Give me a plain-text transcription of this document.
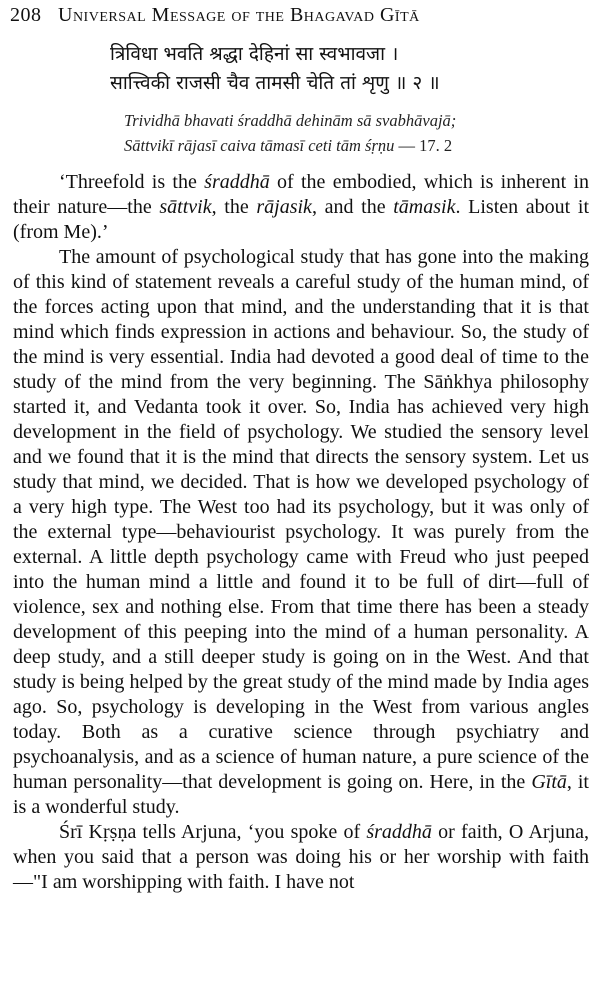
208 Universal Message of the Bhagavad Gītā
त्रिविधा भवति श्रद्धा देहिनां सा स्वभावजा ।
सात्त्विकी राजसी चैव तामसी चेति तां शृणु ॥ २ ॥
Trividhā bhavati śraddhā dehinām sā svabhāvajā;
Sāttvikī rājasī caiva tāmasī ceti tām śṛṇu — 17. 2

‘Threefold is the śraddhā of the embodied, which is inherent in their nature—the sāttvik, the rājasik, and the tāmasik. Listen about it (from Me).’

The amount of psychological study that has gone into the making of this kind of statement reveals a careful study of the human mind, of the forces acting upon that mind, and the understanding that it is that mind which finds expression in actions and behaviour. So, the study of the mind is very essential. India had devoted a good deal of time to the study of the mind from the very beginning. The Sāṅkhya philosophy started it, and Vedanta took it over. So, India has achieved very high development in the field of psychology. We studied the sensory level and we found that it is the mind that directs the sensory system. Let us study that mind, we decided. That is how we developed psychology of a very high type. The West too had its psychology, but it was only of the external type—behaviourist psychology. It was purely from the external. A little depth psychology came with Freud who just peeped into the human mind a little and found it to be full of dirt—full of violence, sex and nothing else. From that time there has been a steady development of this peeping into the mind of a human personality. A deep study, and a still deeper study is going on in the West. And that study is being helped by the great study of the mind made by India ages ago. So, psychology is developing in the West from various angles today. Both as a curative science through psychiatry and psychoanalysis, and as a science of human nature, a pure science of the human personality—that development is going on. Here, in the Gītā, it is a wonderful study.

Śrī Kṛṣṇa tells Arjuna, ‘you spoke of śraddhā or faith, O Arjuna, when you said that a person was doing his or her worship with faith—"I am worshipping with faith. I have not
